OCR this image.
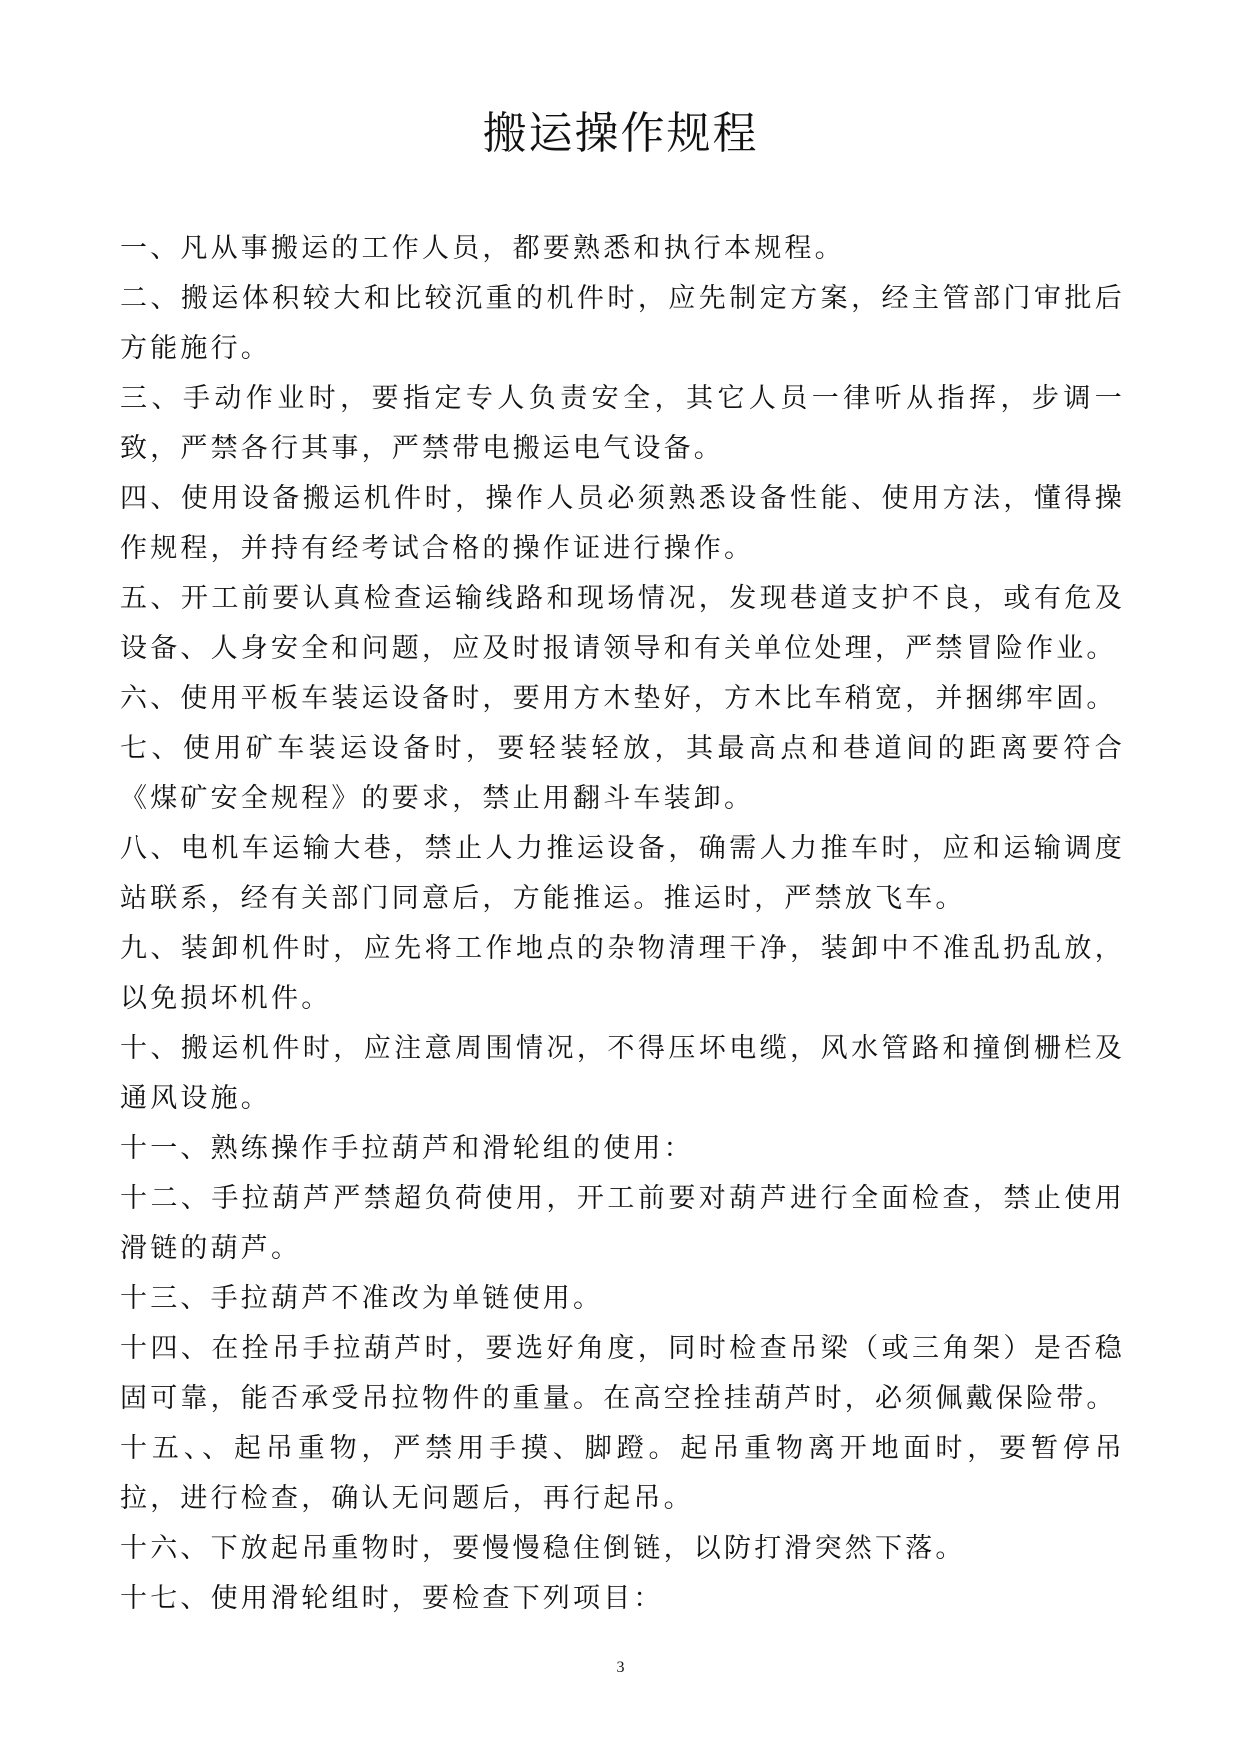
搬运操作规程

一、凡从事搬运的工作人员，都要熟悉和执行本规程。

二、搬运体积较大和比较沉重的机件时，应先制定方案，经主管部门审批后方能施行。

三、手动作业时，要指定专人负责安全，其它人员一律听从指挥，步调一致，严禁各行其事，严禁带电搬运电气设备。

四、使用设备搬运机件时，操作人员必须熟悉设备性能、使用方法，懂得操作规程，并持有经考试合格的操作证进行操作。

五、开工前要认真检查运输线路和现场情况，发现巷道支护不良，或有危及设备、人身安全和问题，应及时报请领导和有关单位处理，严禁冒险作业。

六、使用平板车装运设备时，要用方木垫好，方木比车稍宽，并捆绑牢固。

七、使用矿车装运设备时，要轻装轻放，其最高点和巷道间的距离要符合《煤矿安全规程》的要求，禁止用翻斗车装卸。

八、电机车运输大巷，禁止人力推运设备，确需人力推车时，应和运输调度站联系，经有关部门同意后，方能推运。推运时，严禁放飞车。

九、装卸机件时，应先将工作地点的杂物清理干净，装卸中不准乱扔乱放，以免损坏机件。

十、搬运机件时，应注意周围情况，不得压坏电缆，风水管路和撞倒栅栏及通风设施。

十一、熟练操作手拉葫芦和滑轮组的使用：

十二、手拉葫芦严禁超负荷使用，开工前要对葫芦进行全面检查，禁止使用滑链的葫芦。

十三、手拉葫芦不准改为单链使用。

十四、在拴吊手拉葫芦时，要选好角度，同时检查吊梁（或三角架）是否稳固可靠，能否承受吊拉物件的重量。在高空拴挂葫芦时，必须佩戴保险带。

十五、、起吊重物，严禁用手摸、脚蹬。起吊重物离开地面时，要暂停吊拉，进行检查，确认无问题后，再行起吊。

十六、下放起吊重物时，要慢慢稳住倒链，以防打滑突然下落。

十七、使用滑轮组时，要检查下列项目：

3
